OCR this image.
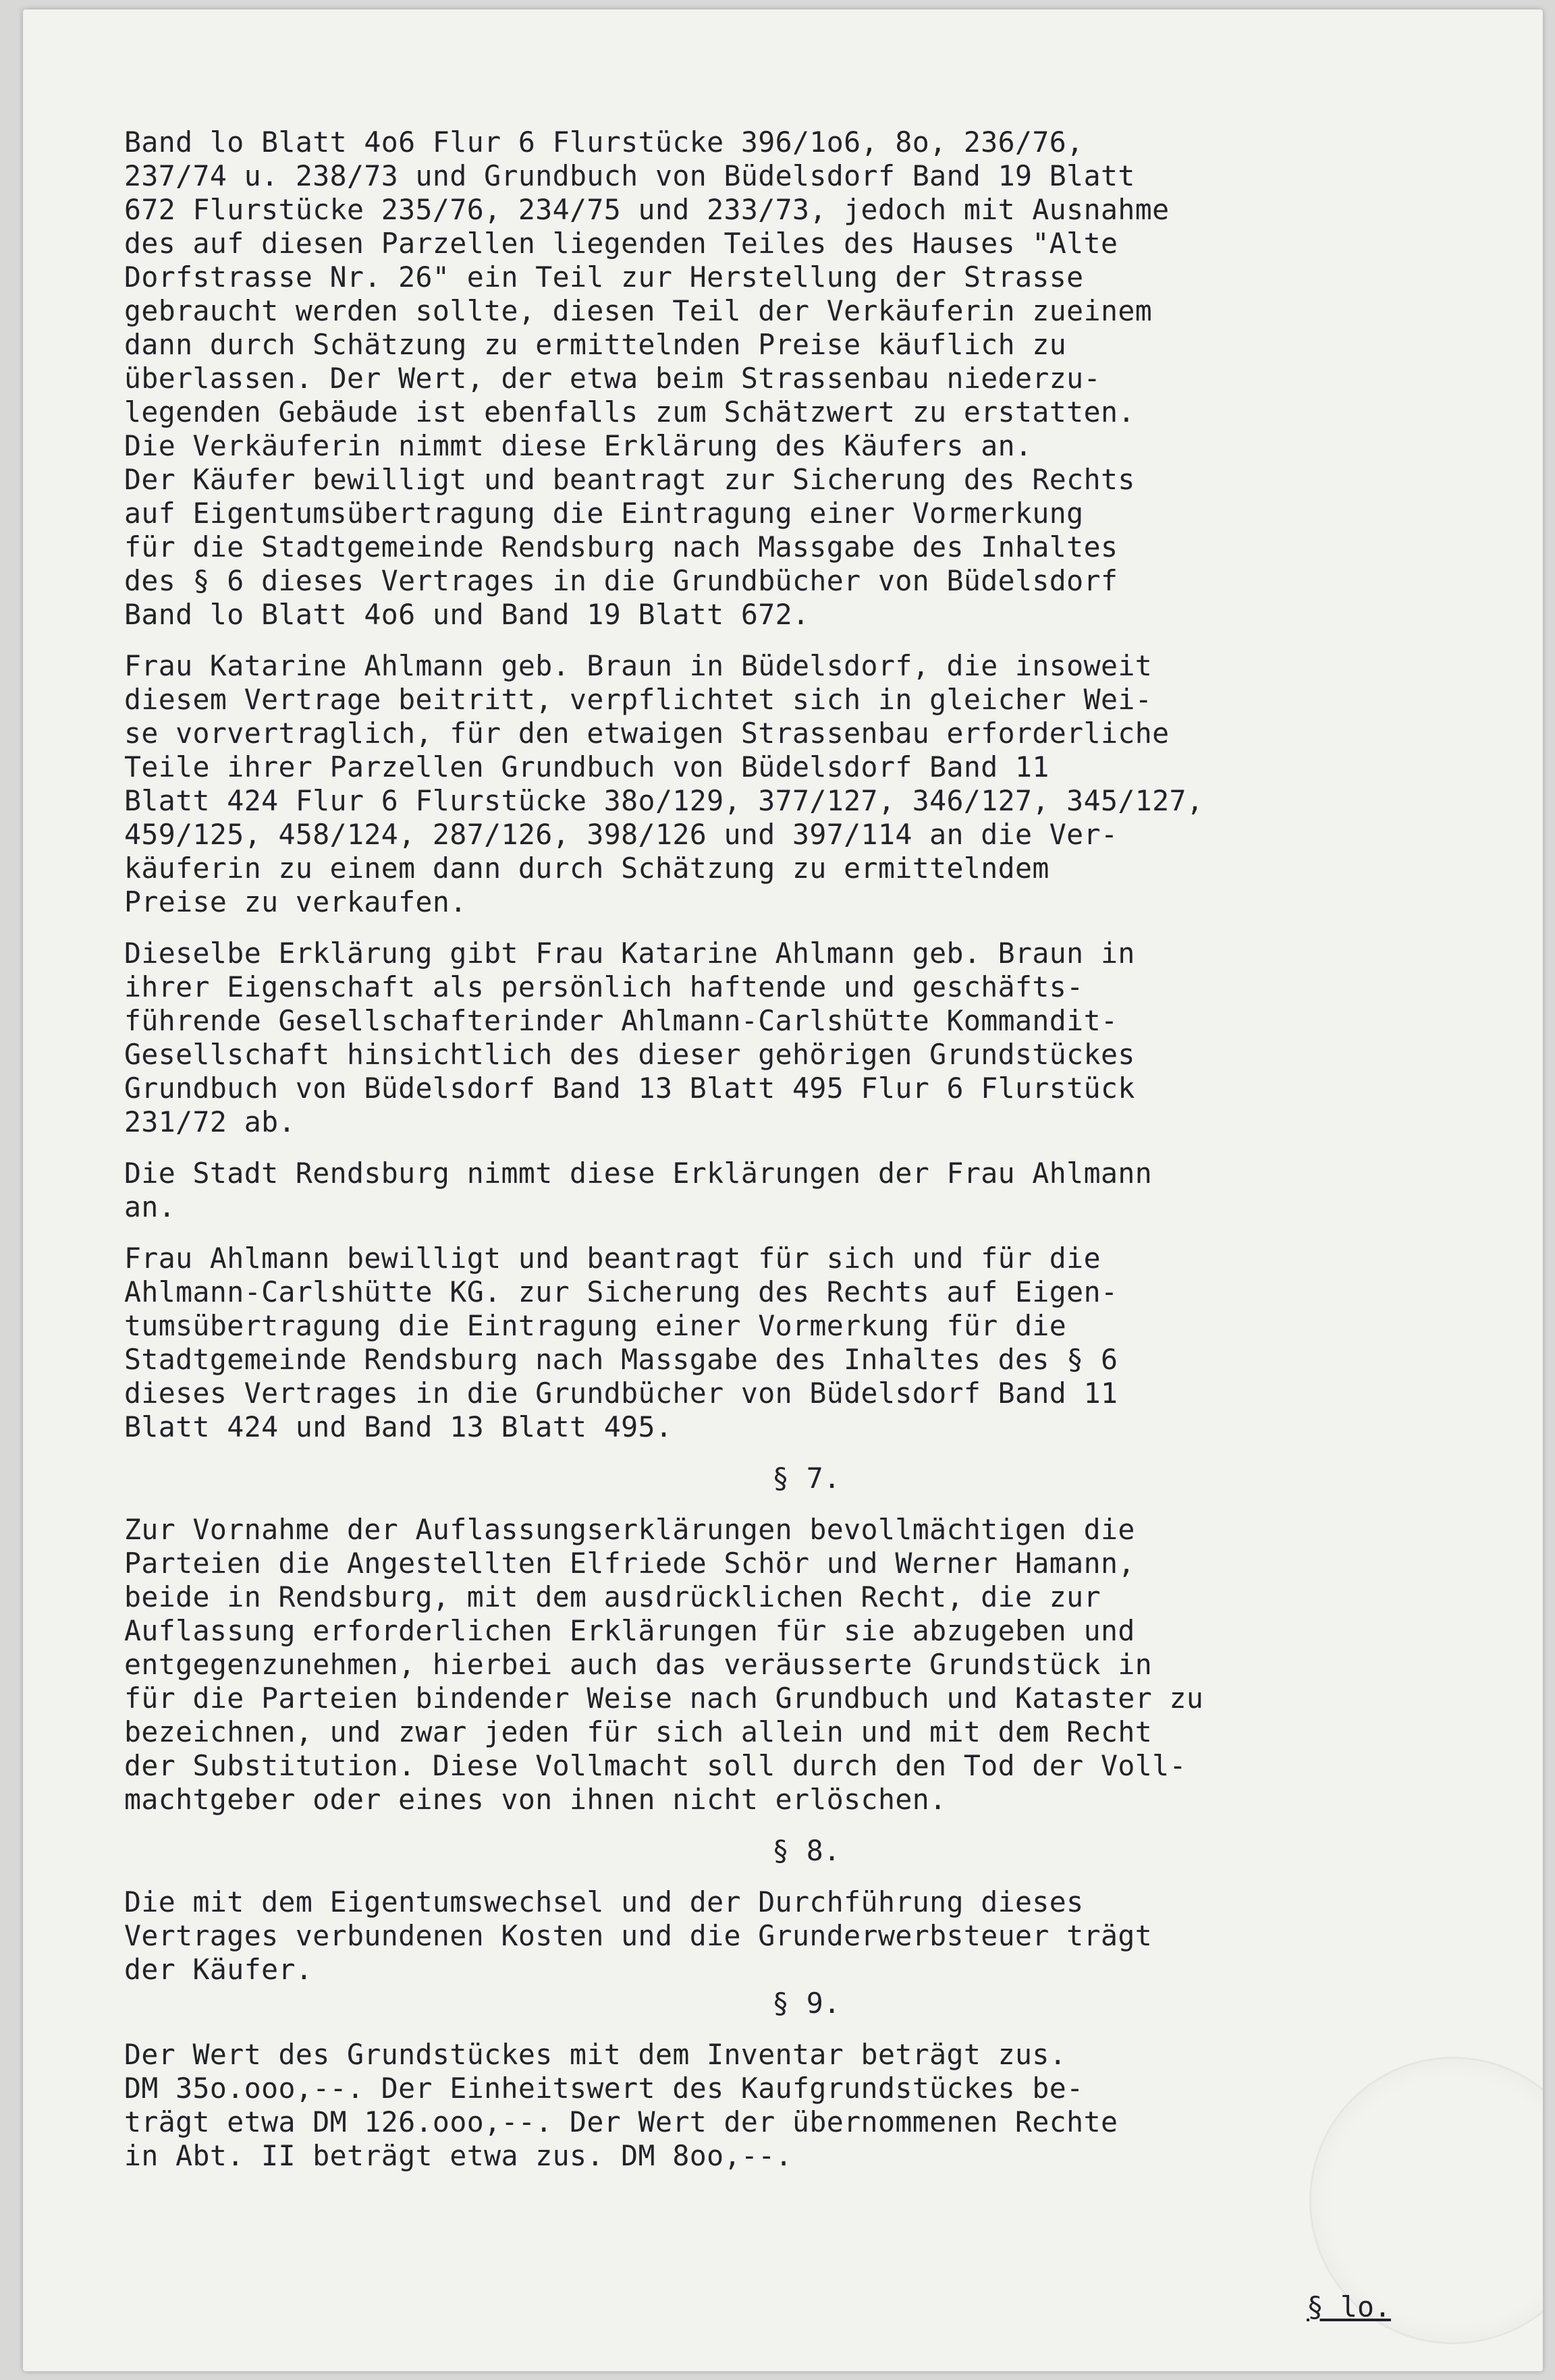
Band lo Blatt 4o6 Flur 6 Flurstücke 396/1o6, 8o, 236/76,
237/74 u. 238/73 und Grundbuch von Büdelsdorf Band 19 Blatt
672 Flurstücke 235/76, 234/75 und 233/73, jedoch mit Ausnahme
des auf diesen Parzellen liegenden Teiles des Hauses "Alte
Dorfstrasse Nr. 26" ein Teil zur Herstellung der Strasse
gebraucht werden sollte, diesen Teil der Verkäuferin zueinem
dann durch Schätzung zu ermittelnden Preise käuflich zu
überlassen. Der Wert, der etwa beim Strassenbau niederzu-
legenden Gebäude ist ebenfalls zum Schätzwert zu erstatten.
Die Verkäuferin nimmt diese Erklärung des Käufers an.
Der Käufer bewilligt und beantragt zur Sicherung des Rechts
auf Eigentumsübertragung die Eintragung einer Vormerkung
für die Stadtgemeinde Rendsburg nach Massgabe des Inhaltes
des § 6 dieses Vertrages in die Grundbücher von Büdelsdorf
Band lo Blatt 4o6 und Band 19 Blatt 672.
Frau Katarine Ahlmann geb. Braun in Büdelsdorf, die insoweit
diesem Vertrage beitritt, verpflichtet sich in gleicher Wei-
se vorvertraglich, für den etwaigen Strassenbau erforderliche
Teile ihrer Parzellen Grundbuch von Büdelsdorf Band 11
Blatt 424 Flur 6 Flurstücke 38o/129, 377/127, 346/127, 345/127,
459/125, 458/124, 287/126, 398/126 und 397/114 an die Ver-
käuferin zu einem dann durch Schätzung zu ermittelndem
Preise zu verkaufen.
Dieselbe Erklärung gibt Frau Katarine Ahlmann geb. Braun in
ihrer Eigenschaft als persönlich haftende und geschäfts-
führende Gesellschafterinder Ahlmann-Carlshütte Kommandit-
Gesellschaft hinsichtlich des dieser gehörigen Grundstückes
Grundbuch von Büdelsdorf Band 13 Blatt 495 Flur 6 Flurstück
231/72 ab.
Die Stadt Rendsburg nimmt diese Erklärungen der Frau Ahlmann
an.
Frau Ahlmann bewilligt und beantragt für sich und für die
Ahlmann-Carlshütte KG. zur Sicherung des Rechts auf Eigen-
tumsübertragung die Eintragung einer Vormerkung für die
Stadtgemeinde Rendsburg nach Massgabe des Inhaltes des § 6
dieses Vertrages in die Grundbücher von Büdelsdorf Band 11
Blatt 424 und Band 13 Blatt 495.
§ 7.
Zur Vornahme der Auflassungserklärungen bevollmächtigen die
Parteien die Angestellten Elfriede Schör und Werner Hamann,
beide in Rendsburg, mit dem ausdrücklichen Recht, die zur
Auflassung erforderlichen Erklärungen für sie abzugeben und
entgegenzunehmen, hierbei auch das veräusserte Grundstück in
für die Parteien bindender Weise nach Grundbuch und Kataster zu
bezeichnen, und zwar jeden für sich allein und mit dem Recht
der Substitution. Diese Vollmacht soll durch den Tod der Voll-
machtgeber oder eines von ihnen nicht erlöschen.
§ 8.
Die mit dem Eigentumswechsel und der Durchführung dieses
Vertrages verbundenen Kosten und die Grunderwerbsteuer trägt
der Käufer.
§ 9.
Der Wert des Grundstückes mit dem Inventar beträgt zus.
DM 35o.ooo,--. Der Einheitswert des Kaufgrundstückes be-
trägt etwa DM 126.ooo,--. Der Wert der übernommenen Rechte
in Abt. II beträgt etwa zus. DM 8oo,--.
§ lo.
